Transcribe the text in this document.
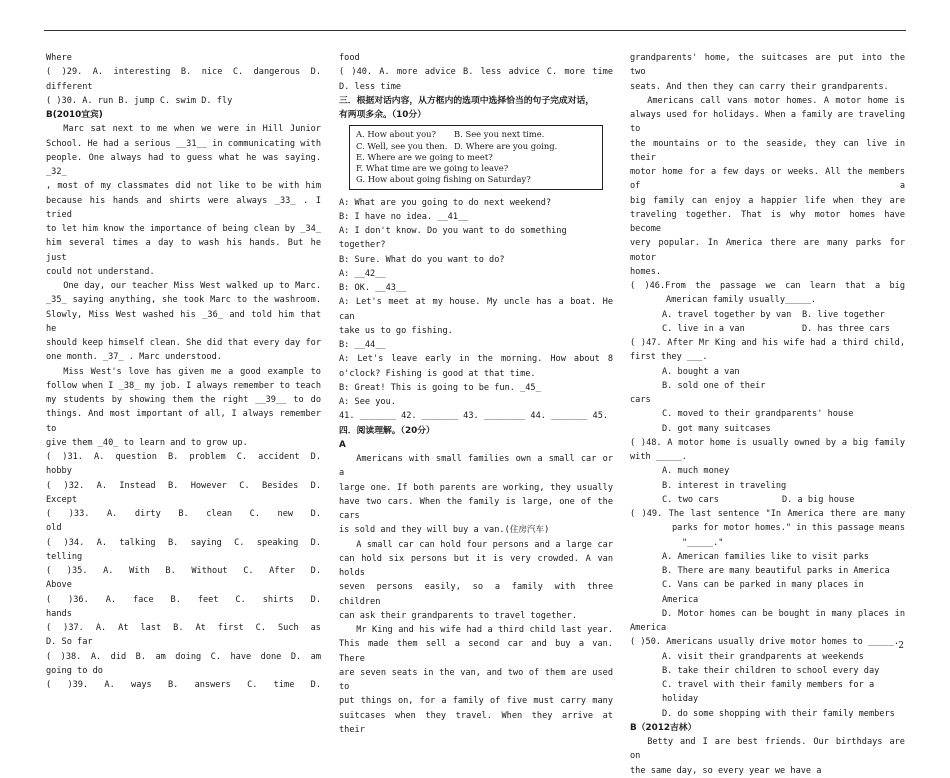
Where

( )29. A. interesting B. nice C. dangerous D.

different

( )30. A. run B. jump C. swim D. fly

B(2010宜宾)

Marc sat next to me when we were in Hill Junior

School. He had a serious __31__ in communicating with

people. One always had to guess what he was saying. _32_

, most of my classmates did not like to be with him

because his hands and shirts were always _33_ . I tried

to let him know the importance of being clean by _34_

him several times a day to wash his hands. But he just

could not understand.

One day, our teacher Miss West walked up to Marc.

_35_ saying anything, she took Marc to the washroom.

Slowly, Miss West washed his _36_ and told him that he

should keep himself clean. She did that every day for

one month. _37_ . Marc understood.

Miss West's love has given me a good example to

follow when I _38_ my job. I always remember to teach

my students by showing them the right __39__ to do

things. And most important of all, I always remember to

give them _40_ to learn and to grow up.

( )31. A. question B. problem C. accident D.

hobby

( )32. A. Instead B. However C. Besides D.

Except

( )33. A. dirty B. clean C. new D.

old

( )34. A. talking B. saying C. speaking D.

telling

( )35. A. With B. Without C. After D.

Above

( )36. A. face B. feet C. shirts D.

hands

( )37. A. At last B. At first C. Such as

D. So far

( )38. A. did B. am doing C. have done D. am

going to do

( )39. A. ways B. answers C. time D.

food

( )40. A. more advice B. less advice C. more time

D. less time

三．根据对话内容，从方框内的选项中选择恰当的句子完成对话，

有两项多余。（10分）

A. How about you? B. See you next time.
C. Well, see you then. D. Where are you going.
E. Where are we going to meet?
F. What time are we going to leave?
G. How about going fishing on Saturday?

A: What are you going to do next weekend?

B: I have no idea. __41__

A: I don't know. Do you want to do something together?

B: Sure. What do you want to do?

A: __42__

B: OK. __43__

A: Let's meet at my house. My uncle has a boat. He can

take us to go fishing.

B: __44__

A: Let's leave early in the morning. How about 8

o'clock? Fishing is good at that time.

B: Great! This is going to be fun. _45_

A: See you.

41. _______ 42. _______ 43. ________ 44. _______ 45.

四．阅读理解。（20分）

A

Americans with small families own a small car or a

large one. If both parents are working, they usually

have two cars. When the family is large, one of the cars

is sold and they will buy a van.(住房汽车)

A small car can hold four persons and a large car

can hold six persons but it is very crowded. A van holds

seven persons easily, so a family with three children

can ask their grandparents to travel together.

Mr King and his wife had a third child last year.

This made them sell a second car and buy a van. There

are seven seats in the van, and two of them are used to

put things on, for a family of five must carry many

suitcases when they travel. When they arrive at their

grandparents' home, the suitcases are put into the two

seats. And then they can carry their grandparents.

Americans call vans motor homes. A motor home is

always used for holidays. When a family are traveling to

the mountains or to the seaside, they can live in their

motor home for a few days or weeks. All the members of a

big family can enjoy a happier life when they are

traveling together. That is why motor homes have become

very popular. In America there are many parks for motor

homes.

( )46.From the passage we can learn that a big

American family usually_____.

A. travel together by van B. live together

C. live in a van	D. has three cars

( )47. After Mr King and his wife had a third child,

first they ___.

A. bought a vanB. sold one of their

cars

C. moved to their grandparents' house

D. got many suitcases

( )48. A motor home is usually owned by a big family

with _____.

A. much moneyB. interest in traveling

C. two cars	D. a big house

( )49. The last sentence "In America there are many

parks for motor homes." in this passage means

"_____."

A. American families like to visit parks

B. There are many beautiful parks in America

C. Vans can be parked in many places in America

D. Motor homes can be bought in many places in

America

( )50. Americans usually drive motor homes to _____.

A. visit their grandparents at weekends

B. take their children to school every day

C. travel with their family members for a holiday

D. do some shopping with their family members

B（2012吉林）

Betty and I are best friends. Our birthdays are on

the same day, so every year we have a

2
